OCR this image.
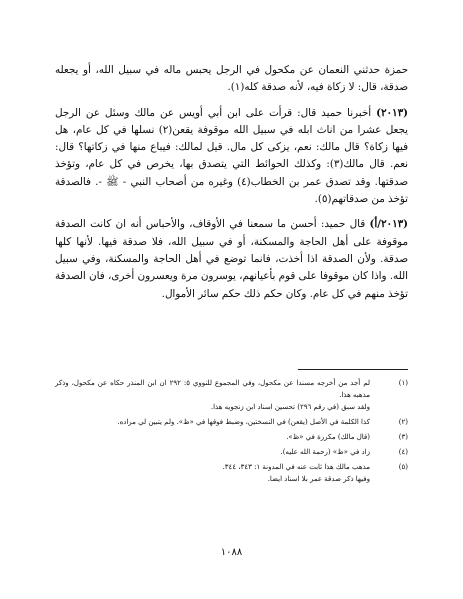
حمزة حدثني النعمان عن مكحول في الرجل يحبس ماله في سبيل الله، أو يجعله صدقة، قال: لا زكاة فيه، لأنه صدقة كله(١).

(٢٠١٣) أخبرنا حميد قال: قرأت على ابن أبي أويس عن مالك وسئل عن الرجل يجعل عشرا من اناث ابله في سبيل الله موقوفة يقعن(٢) نسلها في كل عام، هل فيها زكاة؟ قال مالك: نعم، يزكى كل مال. قيل لمالك: فيباع منها في زكاتها؟ قال: نعم. قال مالك(٣): وكذلك الحوائط التي يتصدق بها، يخرص في كل عام، وتؤخذ صدقتها. وقد تصدق عمر بن الخطاب(٤) وغيره من أصحاب النبي - ﷺ -. فالصدقة تؤخذ من صدقاتهم(٥).

(٢٠١٣/أ) قال حميد: أحسن ما سمعنا في الأوقاف، والأحباس أنه ان كانت الصدقة موقوفة على أهل الحاجة والمسكنة، أو في سبيل الله، فلا صدقة فيها. لأنها كلها صدقة. ولأن الصدقة اذا أخذت، فانما توضع في أهل الحاجة والمسكنة، وفي سبيل الله. واذا كان موقوفا على قوم بأعيانهم، يوسرون مرة ويعسرون أخرى، فان الصدقة تؤخذ منهم في كل عام. وكان حكم ذلك حكم سائر الأموال.

(١)
لم أجد من أخرجه مسندا عن مكحول، وفي المجموع للنووي ٥: ٢٩٢ ان ابن المنذر حكاه عن مكحول، وذكر مذهبه هذا.
ولقد سبق (في رقم ٢٩٦) تحسين اسناد ابن زنجويه هذا.
(٢)
كذا الكلمة في الأصل (يقعن) في النسختين، وضبط فوقها في «ظ». ولم يتبين لي مراده.
(٣)
(قال مالك) مكررة في «ظ».
(٤)
زاد في «ظ» (رحمة الله عليه).
(٥)
مذهب مالك هذا ثابت عنه في المدونة ١: ٣٤٣، ٣٤٤.
وفيها ذكر صدقة عمر بلا اسناد ايضا.
١٠٨٨
